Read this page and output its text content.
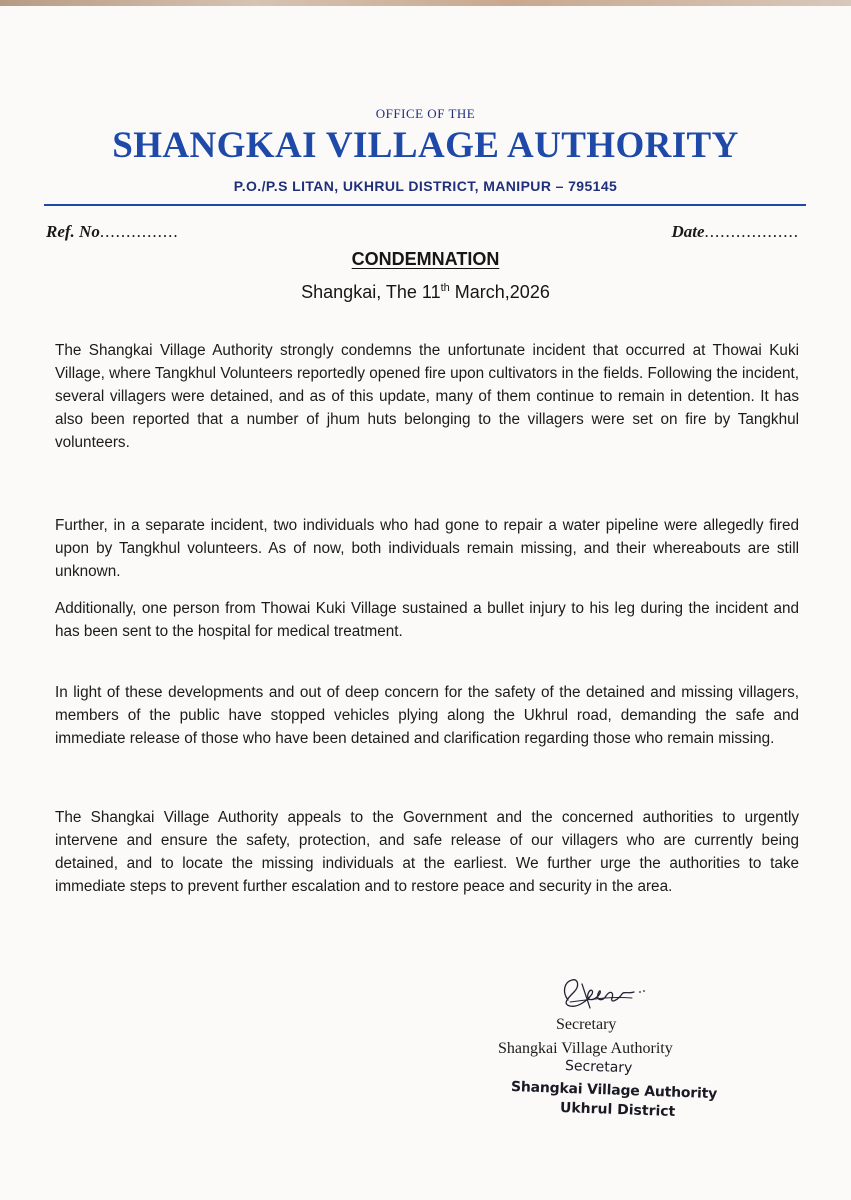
OFFICE OF THE
SHANGKAI VILLAGE AUTHORITY
P.O./P.S LITAN, UKHRUL DISTRICT, MANIPUR – 795145
Ref. No...............	Date..................
CONDEMNATION
Shangkai, The 11th March,2026

The Shangkai Village Authority strongly condemns the unfortunate incident that occurred at Thowai Kuki Village, where Tangkhul Volunteers reportedly opened fire upon cultivators in the fields. Following the incident, several villagers were detained, and as of this update, many of them continue to remain in detention. It has also been reported that a number of jhum huts belonging to the villagers were set on fire by Tangkhul volunteers.

Further, in a separate incident, two individuals who had gone to repair a water pipeline were allegedly fired upon by Tangkhul volunteers. As of now, both individuals remain missing, and their whereabouts are still unknown.

Additionally, one person from Thowai Kuki Village sustained a bullet injury to his leg during the incident and has been sent to the hospital for medical treatment.

In light of these developments and out of deep concern for the safety of the detained and missing villagers, members of the public have stopped vehicles plying along the Ukhrul road, demanding the safe and immediate release of those who have been detained and clarification regarding those who remain missing.

The Shangkai Village Authority appeals to the Government and the concerned authorities to urgently intervene and ensure the safety, protection, and safe release of our villagers who are currently being detained, and to locate the missing individuals at the earliest. We further urge the authorities to take immediate steps to prevent further escalation and to restore peace and security in the area.

Secretary
Shangkai Village Authority
Secretary
Shangkai Village Authority
Ukhrul District
